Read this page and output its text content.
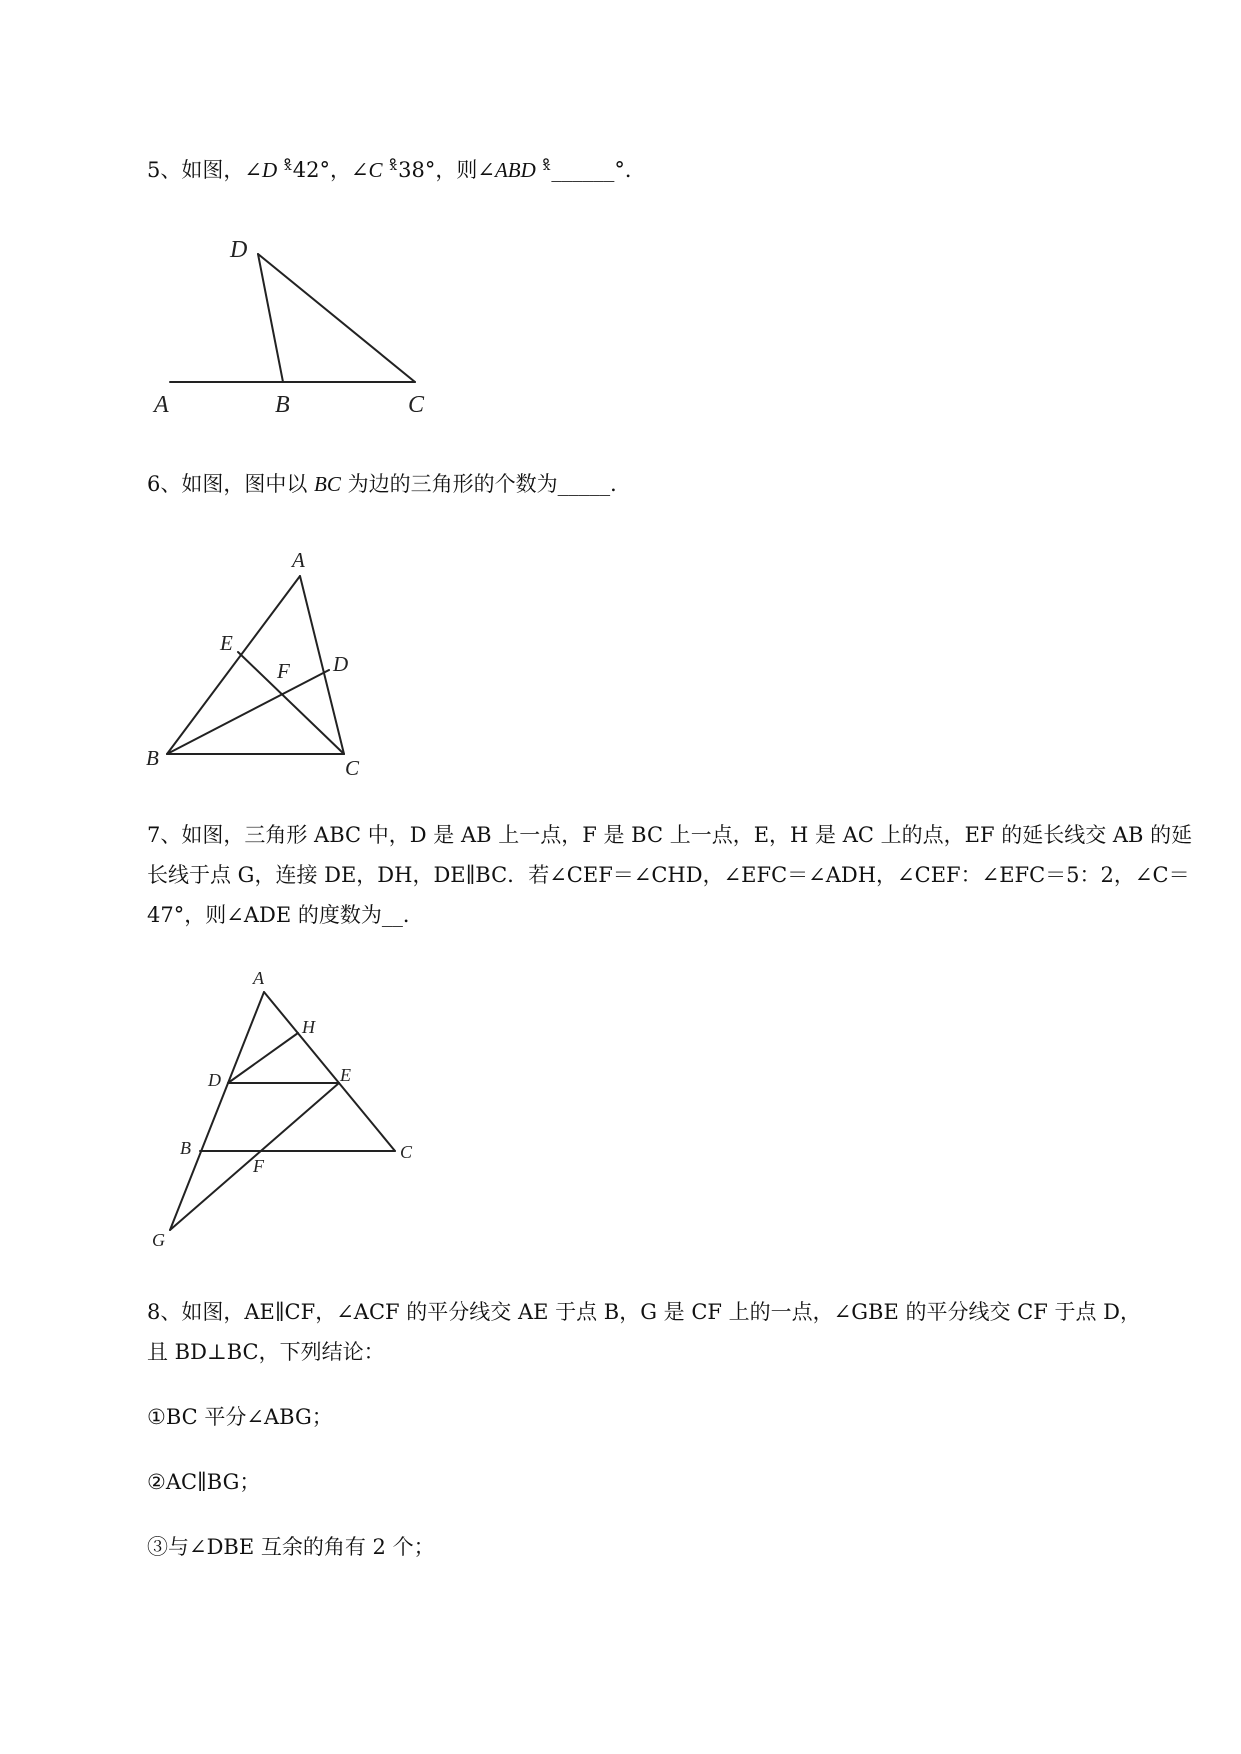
5、如图，∠D ˣ̊42°，∠C ˣ̊38°，则∠ABD ˣ̊______°．
D
A	B	C
6、如图，图中以 BC 为边的三角形的个数为_____．
A
E
F D
B	C
7、如图，三角形 ABC 中，D 是 AB 上一点，F 是 BC 上一点，E，H 是 AC 上的点，EF 的延长线交 AB 的延
长线于点 G，连接 DE，DH，DE∥BC．若∠CEF＝∠CHD，∠EFC＝∠ADH，∠CEF：∠EFC＝5：2，∠C＝
47°，则∠ADE 的度数为__．
A
H
D	E
B	C
F
G
8、如图，AE∥CF，∠ACF 的平分线交 AE 于点 B，G 是 CF 上的一点，∠GBE 的平分线交 CF 于点 D，
且 BD⊥BC，下列结论：
①BC 平分∠ABG；
②AC∥BG；
③与∠DBE 互余的角有 2 个；
